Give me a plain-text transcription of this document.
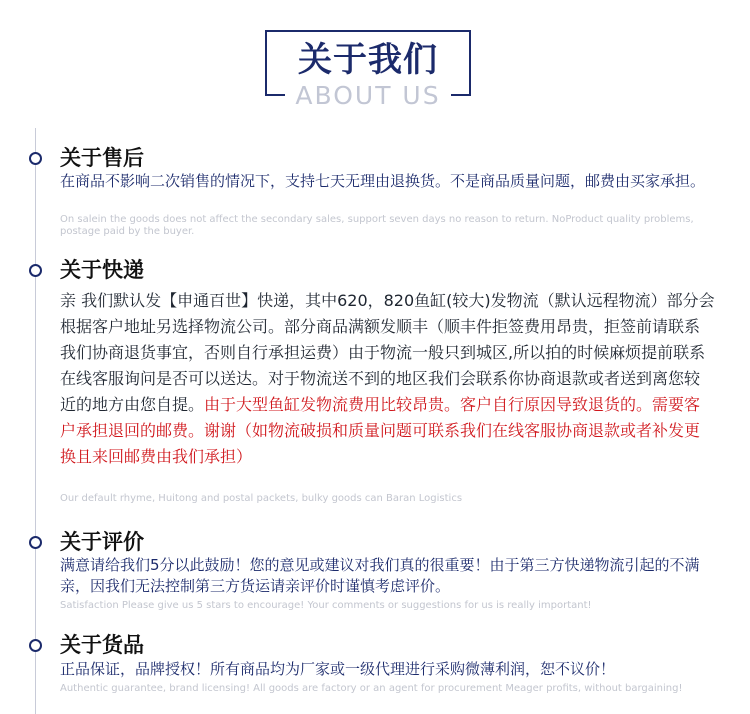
关于我们
ABOUT US
关于售后
在商品不影响二次销售的情况下，支持七天无理由退换货。不是商品质量问题，邮费由买家承担。
On salein the goods does not affect the secondary sales, support seven days no reason to return. NoProduct quality problems, postage paid by the buyer.
关于快递
亲 我们默认发【申通百世】快递，其中620，820鱼缸(较大)发物流（默认远程物流）部分会根据客户地址另选择物流公司。部分商品满额发顺丰（顺丰件拒签费用昂贵，拒签前请联系我们协商退货事宜，否则自行承担运费）由于物流一般只到城区,所以拍的时候麻烦提前联系在线客服询问是否可以送达。对于物流送不到的地区我们会联系你协商退款或者送到离您较近的地方由您自提。由于大型鱼缸发物流费用比较昂贵。客户自行原因导致退货的。需要客户承担退回的邮费。谢谢（如物流破损和质量问题可联系我们在线客服协商退款或者补发更换且来回邮费由我们承担）
Our default rhyme, Huitong and postal packets, bulky goods can Baran Logistics
关于评价
满意请给我们5分以此鼓励！您的意见或建议对我们真的很重要！由于第三方快递物流引起的不满亲，因我们无法控制第三方货运请亲评价时谨慎考虑评价。
Satisfaction Please give us 5 stars to encourage! Your comments or suggestions for us is really important!
关于货品
正品保证，品牌授权！所有商品均为厂家或一级代理进行采购微薄利润，恕不议价！
Authentic guarantee, brand licensing! All goods are factory or an agent for procurement Meager profits, without bargaining!
